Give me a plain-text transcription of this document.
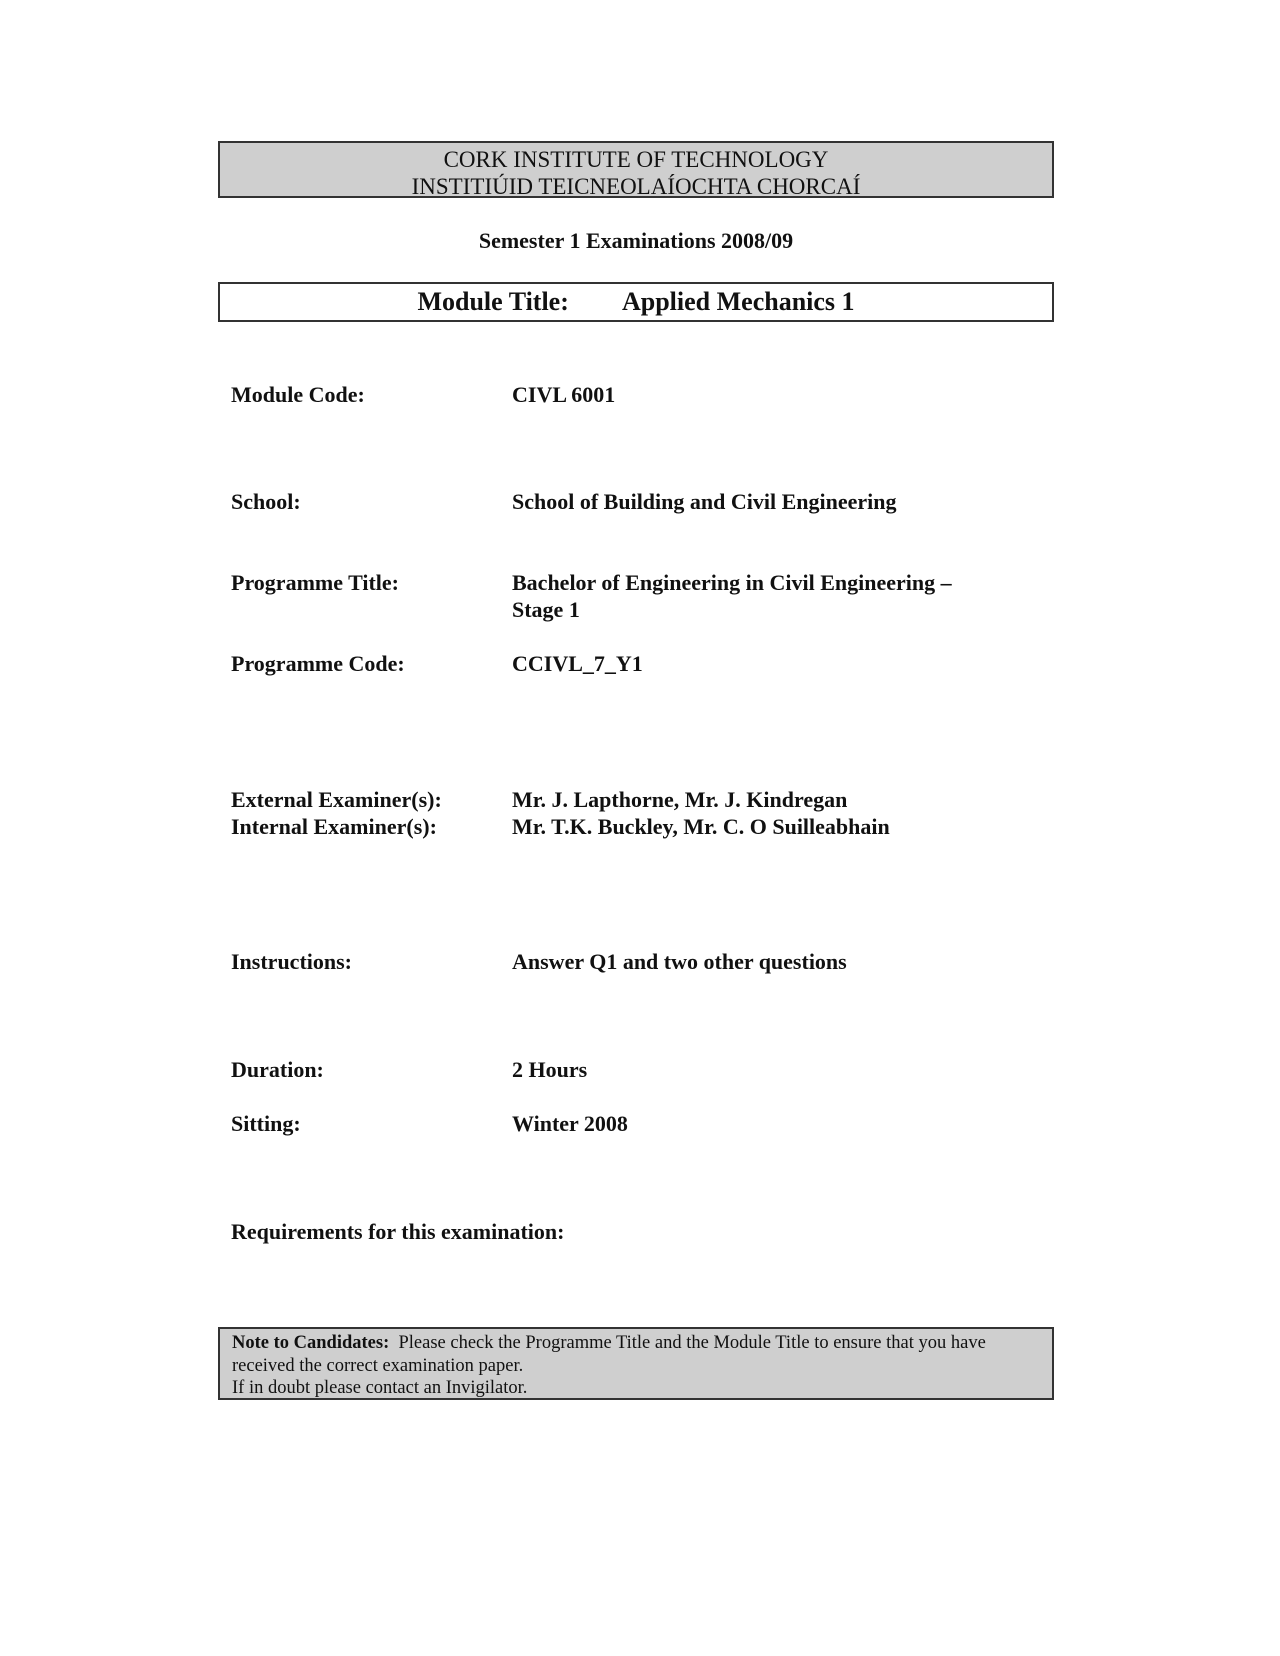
CORK INSTITUTE OF TECHNOLOGY
INSTITIÚID TEICNEOLAÍOCHTA CHORCAÍ
Semester 1 Examinations 2008/09
Module Title: Applied Mechanics 1
Module Code:	CIVL 6001
School:	School of Building and Civil Engineering
Programme Title:	Bachelor of Engineering in Civil Engineering –
Stage 1
Programme Code:	CCIVL_7_Y1
External Examiner(s):	Mr. J. Lapthorne, Mr. J. Kindregan
Internal Examiner(s):	Mr. T.K. Buckley, Mr. C. O Suilleabhain
Instructions:	Answer Q1 and two other questions
Duration:	2 Hours
Sitting:	Winter 2008
Requirements for this examination:
Note to Candidates: Please check the Programme Title and the Module Title to ensure that you have
received the correct examination paper.
If in doubt please contact an Invigilator.
